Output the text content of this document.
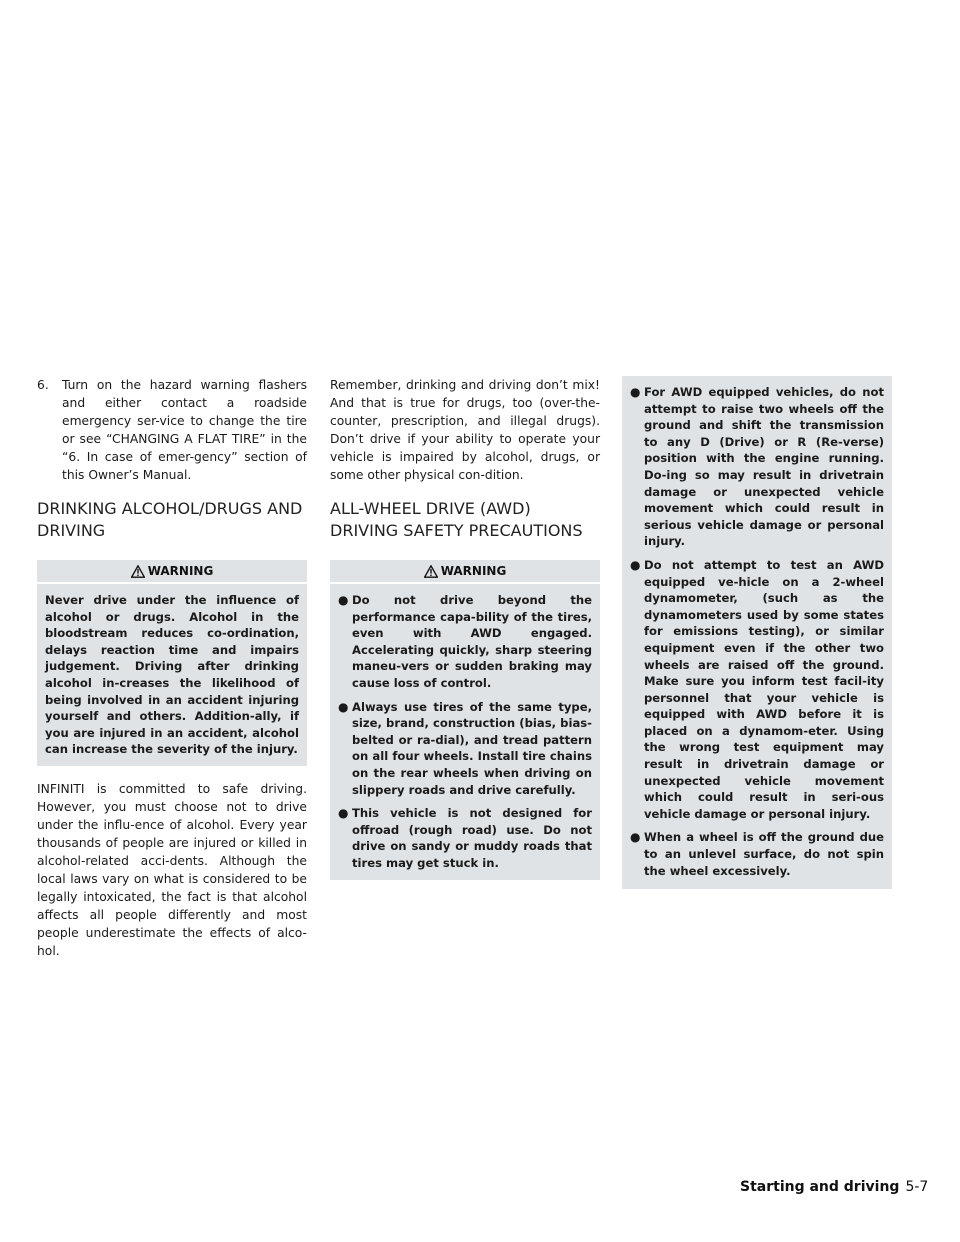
6.	Turn on the hazard warning flashers and either contact a roadside emergency ser-vice to change the tire or see “CHANGING A FLAT TIRE” in the “6. In case of emer-gency” section of this Owner’s Manual.
DRINKING ALCOHOL/DRUGS AND DRIVING
WARNING

Never drive under the influence of alcohol or drugs. Alcohol in the bloodstream reduces co-ordination, delays reaction time and impairs judgement. Driving after drinking alcohol in-creases the likelihood of being involved in an accident injuring yourself and others. Addition-ally, if you are injured in an accident, alcohol can increase the severity of the injury.

INFINITI is committed to safe driving. However, you must choose not to drive under the influ-ence of alcohol. Every year thousands of people are injured or killed in alcohol-related acci-dents. Although the local laws vary on what is considered to be legally intoxicated, the fact is that alcohol affects all people differently and most people underestimate the effects of alco-hol.

Remember, drinking and driving don’t mix! And that is true for drugs, too (over-the-counter, prescription, and illegal drugs). Don’t drive if your ability to operate your vehicle is impaired by alcohol, drugs, or some other physical con-dition.

ALL-WHEEL DRIVE (AWD) DRIVING SAFETY PRECAUTIONS
WARNING
● Do not drive beyond the performance capa-bility of the tires, even with AWD engaged. Accelerating quickly, sharp steering maneu-vers or sudden braking may cause loss of control.
● Always use tires of the same type, size, brand, construction (bias, bias-belted or ra-dial), and tread pattern on all four wheels. Install tire chains on the rear wheels when driving on slippery roads and drive carefully.
● This vehicle is not designed for offroad (rough road) use. Do not drive on sandy or muddy roads that tires may get stuck in.
● For AWD equipped vehicles, do not attempt to raise two wheels off the ground and shift the transmission to any D (Drive) or R (Re-verse) position with the engine running. Do-ing so may result in drivetrain damage or unexpected vehicle movement which could result in serious vehicle damage or personal injury.
● Do not attempt to test an AWD equipped ve-hicle on a 2-wheel dynamometer, (such as the dynamometers used by some states for emissions testing), or similar equipment even if the other two wheels are raised off the ground. Make sure you inform test facil-ity personnel that your vehicle is equipped with AWD before it is placed on a dynamom-eter. Using the wrong test equipment may result in drivetrain damage or unexpected vehicle movement which could result in seri-ous vehicle damage or personal injury.
● When a wheel is off the ground due to an unlevel surface, do not spin the wheel excessively.
Starting and driving 5-7
